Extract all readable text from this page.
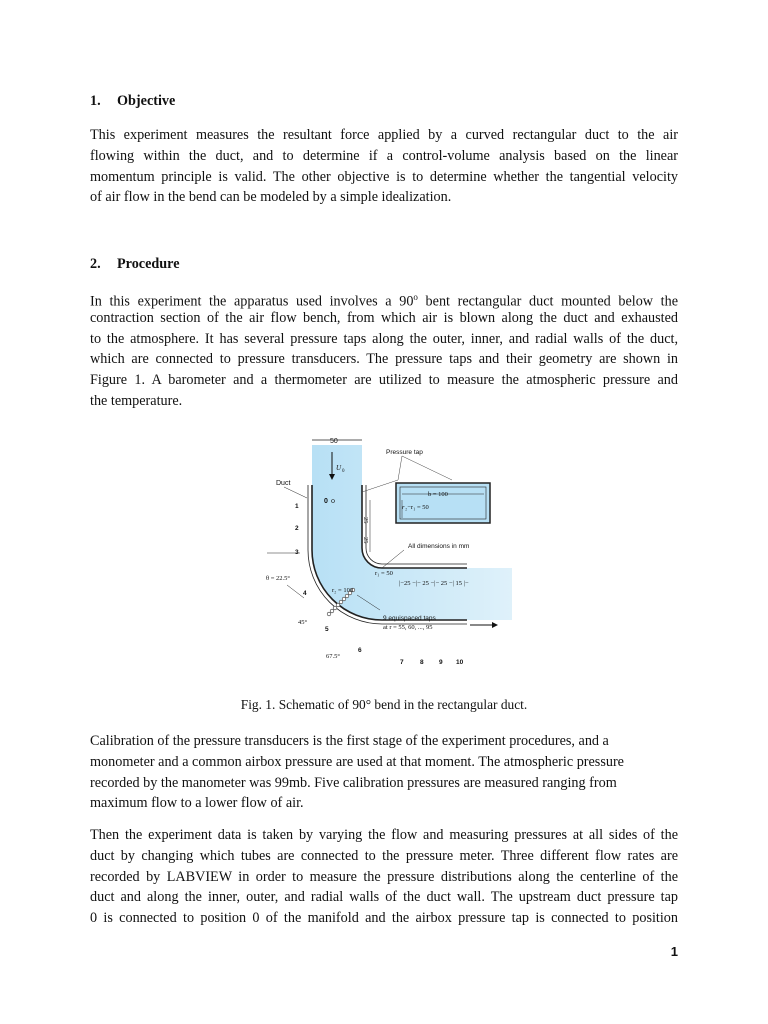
1. Objective
This experiment measures the resultant force applied by a curved rectangular duct to the air
flowing within the duct, and to determine if a control-volume analysis based on the linear
momentum principle is valid. The other objective is to determine whether the tangential velocity
of air flow in the bend can be modeled by a simple idealization.
2. Procedure
In this experiment the apparatus used involves a 90$^o$ bent rectangular duct mounted below the
contraction section of the air flow bench, from which air is blown along the duct and exhausted
to the atmosphere. It has several pressure taps along the outer, inner, and radial walls of the duct,
which are connected to pressure transducers. The pressure taps and their geometry are shown in
Figure 1. A barometer and a thermometer are utilized to measure the atmospheric pressure and
the temperature.
50
U 0
Duct
0
Pressure tap
b = 100
r ₂−r₁ = 50
25
25
All dimensions in mm
r₁ = 50
r₂ = 100
|−25 −|− 25 −|− 25 −| 15 |−
θ = 22.5°
45°
67.5°
1
2
3
4
5
6
9 equispaced taps
at r = 55, 60, ..., 95
7	8 9 10
Fig. 1. Schematic of 90° bend in the rectangular duct.
Calibration of the pressure transducers is the first stage of the experiment procedures, and a
monometer and a common airbox pressure are used at that moment. The atmospheric pressure
recorded by the manometer was 99mb. Five calibration pressures are measured ranging from
maximum flow to a lower flow of air.
Then the experiment data is taken by varying the flow and measuring pressures at all sides of the
duct by changing which tubes are connected to the pressure meter. Three different flow rates are
recorded by LABVIEW in order to measure the pressure distributions along the centerline of the
duct and along the inner, outer, and radial walls of the duct wall. The upstream duct pressure tap
0 is connected to position 0 of the manifold and the airbox pressure tap is connected to position
1
